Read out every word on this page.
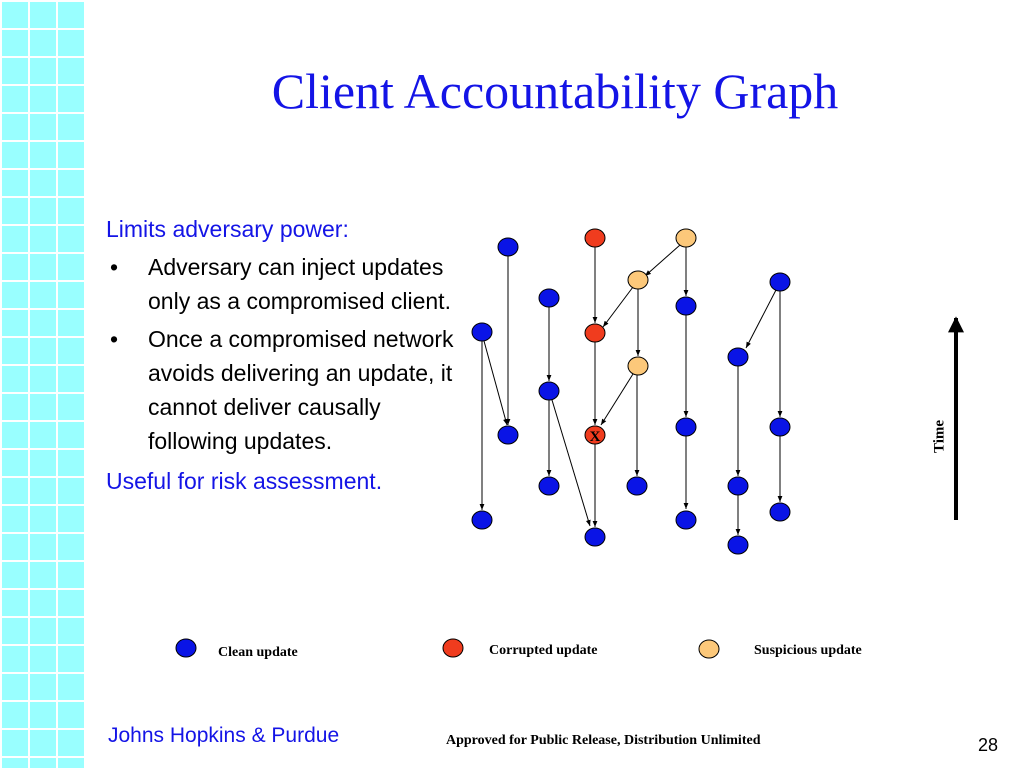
Client Accountability Graph
Limits adversary power:
•	Adversary can inject updates only as a compromised client.
•	Once a compromised network avoids delivering an update, it cannot deliver causally following updates.
Useful for risk assessment.
X	Time
Clean update	Corrupted update	Suspicious update
Johns Hopkins & Purdue	Approved for Public Release, Distribution Unlimited	28
